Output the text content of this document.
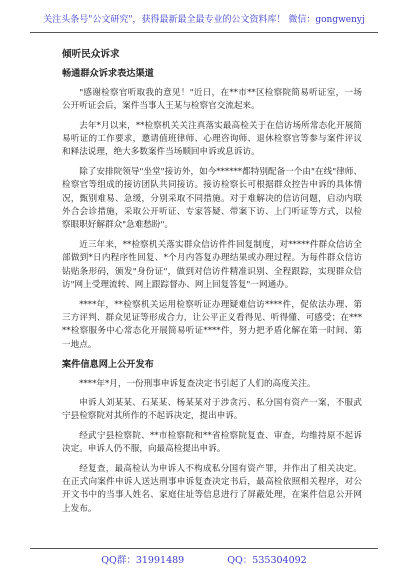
关注头条号"公文研究"，获得最新最全最专业的公文资料库！ 微信：gongwenyj
倾听民众诉求
畅通群众诉求表达渠道

"感谢检察官听取我的意见！"近日，在**市**区检察院简易听证室，一场公开听证会后，案件当事人王某与检察官交流起来。

去年*月以来，**检察机关关注真落实最高检关于在信访场所常态化开展简易听证的工作要求，邀请值班律师、心理咨询师、退休检察官等参与案件评议和释法说理，绝大多数案件当场顺回申诉或息诉访。

除了安排院领导"坐堂"接访外，如今******都特别配备一个由"在线"律师、检察官等组成的接访团队共同接访。接访检察长可根据群众控告申诉的具体情况，甄别难易、急缓，分别采取不同措施。对于难解决的信访问题，启动内联外合会诊措施，采取公开听证、专家答疑、带案下访、上门听证等方式，以检察眼职好解群众"急难愁盼"。

近三年来，**检察机关落实群众信访件件回复制度，对*****件群众信访全部做到*日内程序性回复、*个月内答复办理结果或办理过程。为每件群众信访钻贴条形码，颁发"身份证"，做到对信访件精准识别、全程跟踪，实现群众信访"网上受理流转、网上跟踪督办、网上回复答复"一网通办。

****年，**检察机关运用检察听证办理疑难信访****件，促依法办理、第三方评判、群众见证等形成合力，让公平正义看得见、听得懂、可感受；在*****检察服务中心常态化开展简易听证****件，努力把矛盾化解在第一时间、第一地点。

案件信息网上公开发布

****年*月，一份刑事申诉复查决定书引起了人们的高度关注。

申诉人刘某某、石某某、杨某某对于涉贪污、私分国有资产一案，不服武宁县检察院对其所作的不起诉决定，提出申诉。

经武宁县检察院、**市检察院和**省检察院复查、审查，均维持原不起诉决定。申诉人仍不服，向最高检提出申诉。

经复查，最高检认为申诉人不构成私分国有资产罪，并作出了相关决定。在正式向案件申诉人送达刑事申诉复查决定书后，最高检依照相关程序，对公开文书中的当事人姓名、家庭住址等信息进行了屏蔽处理，在案件信息公开网上发布。

QQ群：31991489	QQ：535304092
